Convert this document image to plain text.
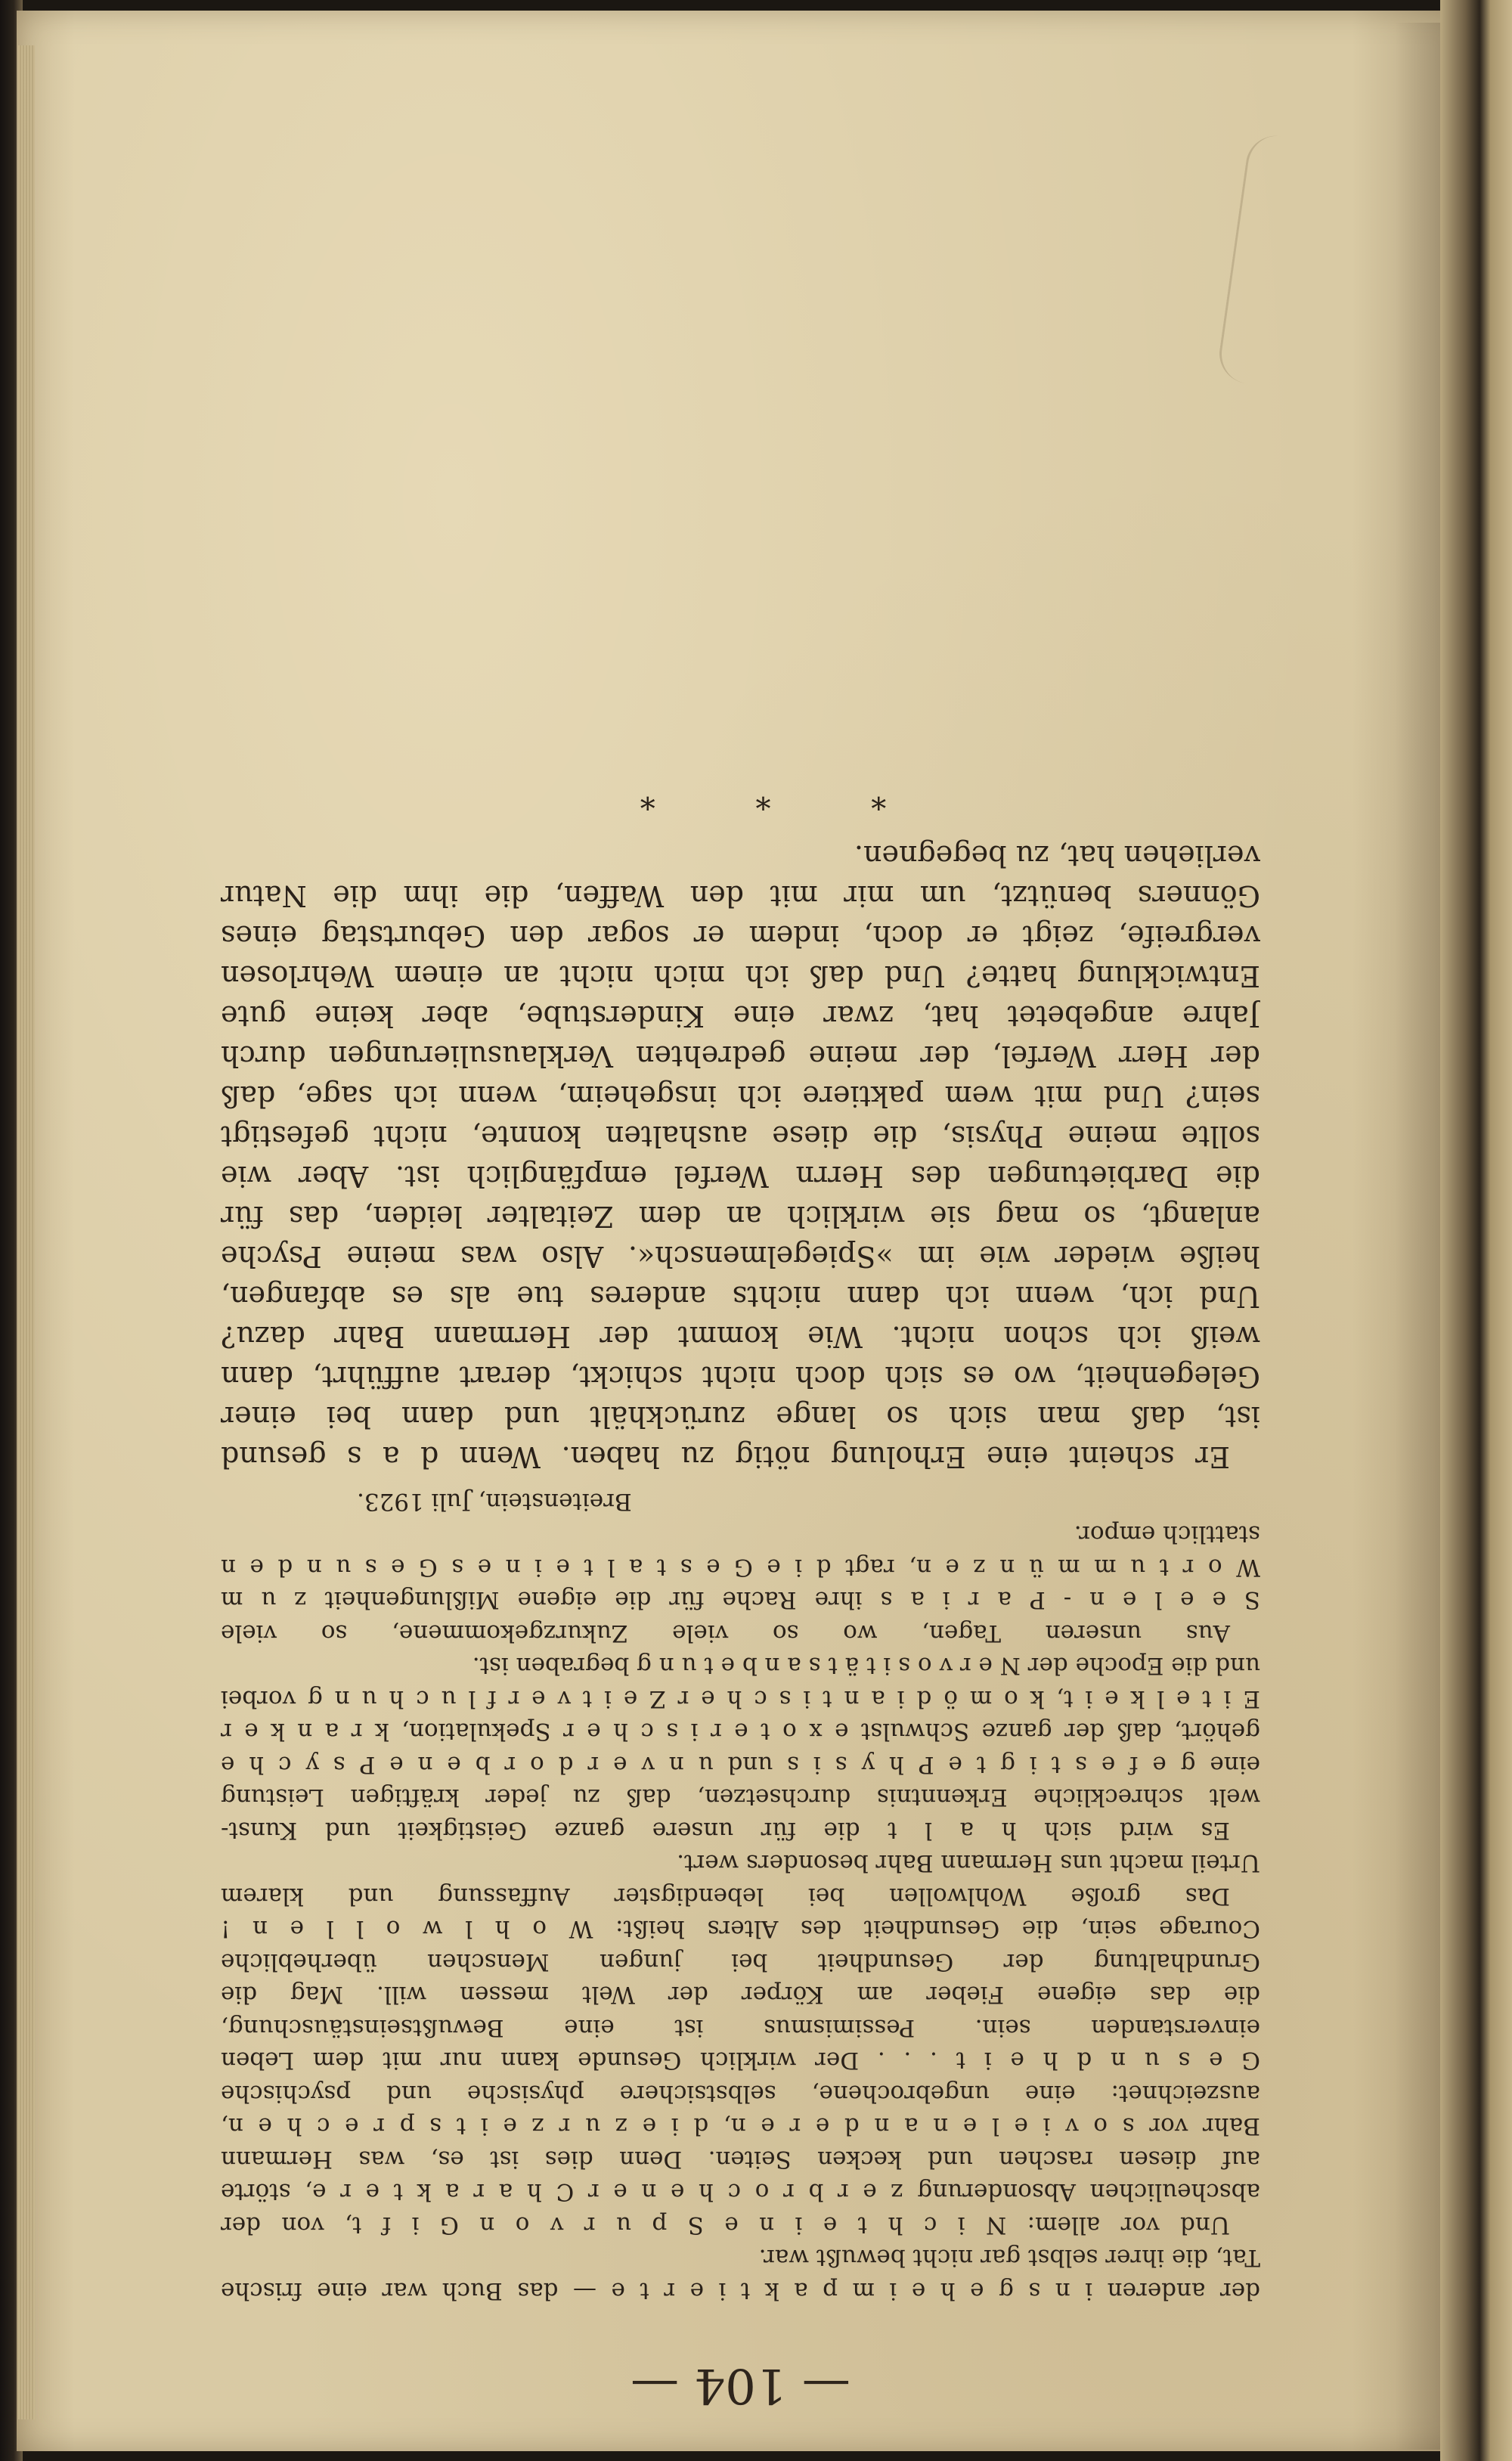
— 104 —
der anderen i n s g e h e i m p a k t i e r t e — das Buch war eine frische
Tat, die ihrer selbst gar nicht bewußt war.
Und vor allem: N i c h t e i n e S p u r v o n G i f t, von der
abscheulichen Absonderung z e r b r o c h e n e r C h a r a k t e r e, störte
auf diesen raschen und kecken Seiten. Denn dies ist es, was Hermann
Bahr vor s o v i e l e n a n d e r e n, d i e z u r z e i t s p r e c h e n,
auszeichnet: eine ungebrochene, selbstsichere physische und psychische
G e s u n d h e i t . . . Der wirklich Gesunde kann nur mit dem Leben
einverstanden sein. Pessimismus ist eine Bewußtseinstäuschung,
die das eigene Fieber am Körper der Welt messen will. Mag die
Grundhaltung der Gesundheit bei jungen Menschen überhebliche
Courage sein, die Gesundheit des Alters heißt: W o h l w o l l e n !
Das große Wohlwollen bei lebendigster Auffassung und klarem
Urteil macht uns Hermann Bahr besonders wert.
Es wird sich h a l t die für unsere ganze Geistigkeit und Kunst-
welt schreckliche Erkenntnis durchsetzen, daß zu jeder kräftigen Leistung
eine g e f e s t i g t e P h y s i s und u n v e r d o r b e n e P s y c h e
gehört, daß der ganze Schwulst e x o t e r i s c h e r Spekulation, k r a n k e r
E i t e l k e i t, k o m ö d i a n t i s c h e r Z e i t v e r f l u c h u n g vorbei
und die Epoche der N e r v o s i t ä t s a n b e t u n g begraben ist.
Aus unseren Tagen, wo so viele Zukurzgekommene, so viele
S e e l e n - P a r i a s ihre Rache für die eigene Mißlungenheit z u m
W o r t u m m ü n z e n, ragt d i e G e s t a l t e i n e s G e s u n d e n
stattlich empor.
Breitenstein, Juli 1923.
Er scheint eine Erholung nötig zu haben. Wenn d a s gesund
ist, daß man sich so lange zurückhält und dann bei einer
Gelegenheit, wo es sich doch nicht schickt, derart aufführt, dann
weiß ich schon nicht. Wie kommt der Hermann Bahr dazu?
Und ich, wenn ich dann nichts anderes tue als es abfangen,
heiße wieder wie im »Spiegelmensch«. Also was meine Psyche
anlangt, so mag sie wirklich an dem Zeitalter leiden, das für
die Darbietungen des Herrn Werfel empfänglich ist. Aber wie
sollte meine Physis, die diese aushalten konnte, nicht gefestigt
sein? Und mit wem paktiere ich insgeheim, wenn ich sage, daß
der Herr Werfel, der meine gedrehten Verklausulierungen durch
Jahre angebetet hat, zwar eine Kinderstube, aber keine gute
Entwicklung hatte? Und daß ich mich nicht an einem Wehrlosen
vergreife, zeigt er doch, indem er sogar den Geburtstag eines
Gönners benützt, um mir mit den Waffen, die ihm die Natur
verliehen hat, zu begegnen.
* * *
